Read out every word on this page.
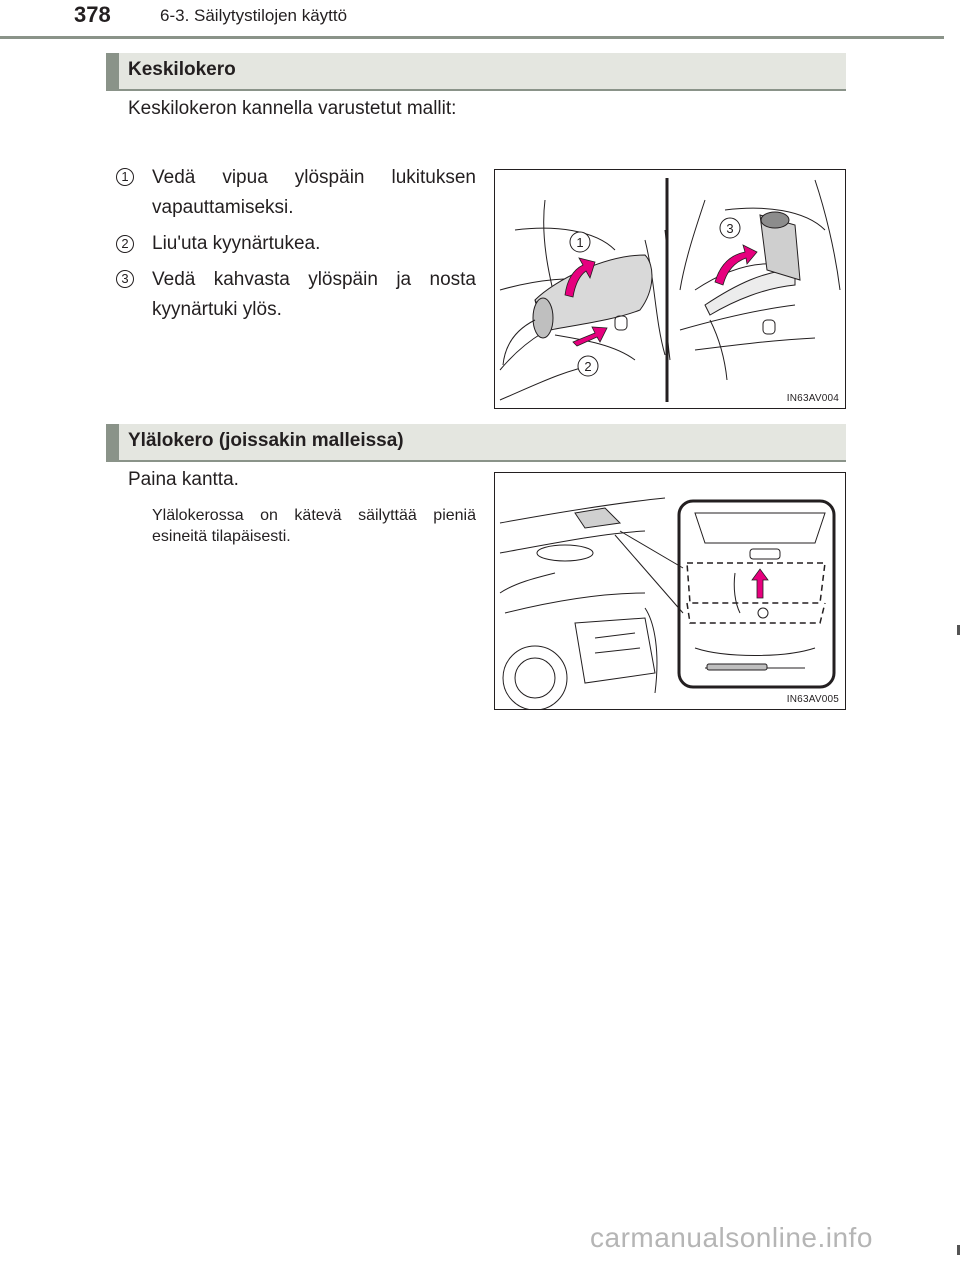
378	6-3. Säilytystilojen käyttö
Keskilokero
Keskilokeron kannella varustetut mallit:
1 Vedä vipua ylöspäin lukituksen vapauttamiseksi.
2 Liu'uta kyynärtukea.
3 Vedä kahvasta ylöspäin ja nosta kyynärtuki ylös.
1
2
3
IN63AV004
Ylälokero (joissakin malleissa)
Paina kantta.
Ylälokerossa on kätevä säilyttää pieniä esineitä tilapäisesti.
IN63AV005
carmanualsonline.info
